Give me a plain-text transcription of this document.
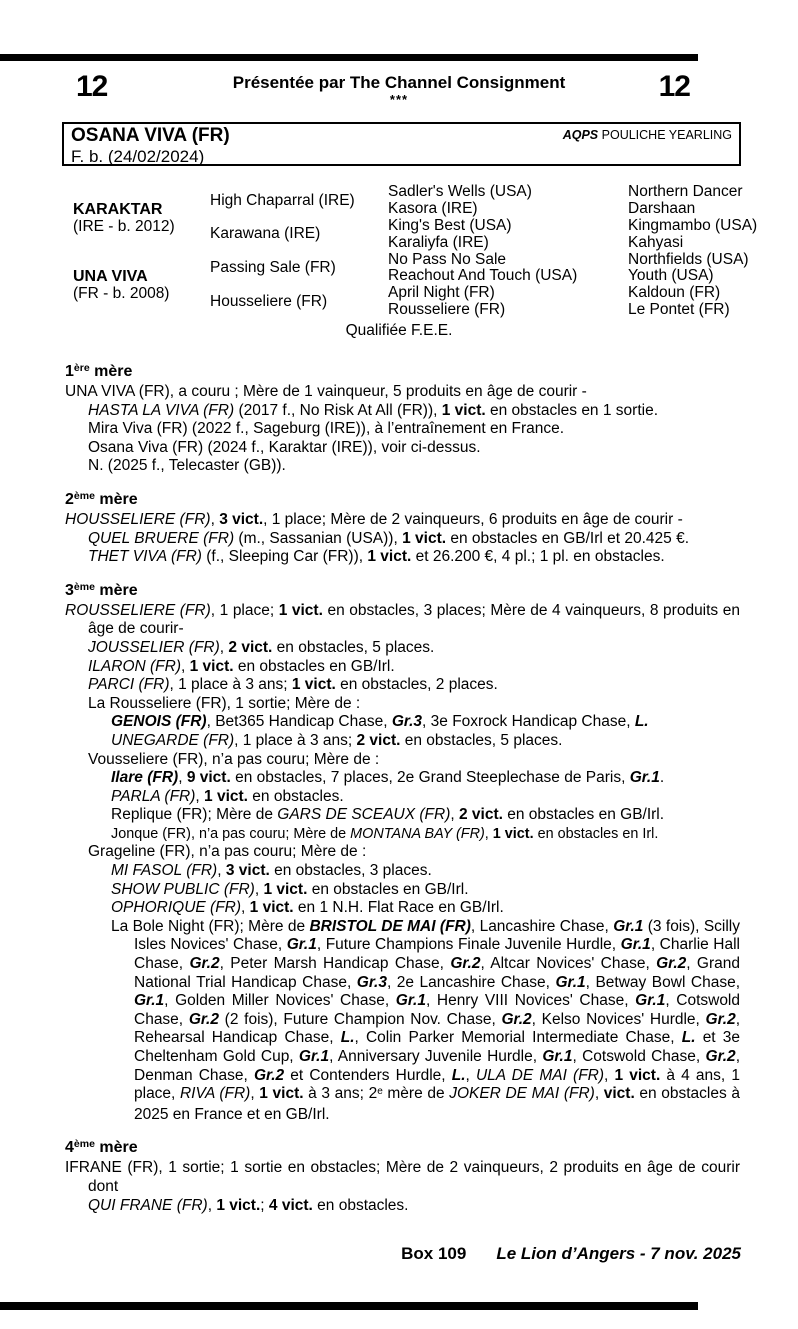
12	Présentée par The Channel Consignment
***	12
OSANA VIVA (FR)
F. b. (24/02/2024)
AQPS POULICHE YEARLING
KARAKTAR
(IRE - b. 2012)
UNA VIVA
(FR - b. 2008)
High Chaparral (IRE)
Karawana (IRE)
Passing Sale (FR)
Housseliere (FR)
Sadler's Wells (USA)
Kasora (IRE)
King's Best (USA)
Karaliyfa (IRE)
No Pass No Sale
Reachout And Touch (USA)
April Night (FR)
Rousseliere (FR)
Northern Dancer
Darshaan
Kingmambo (USA)
Kahyasi
Northfields (USA)
Youth (USA)
Kaldoun (FR)
Le Pontet (FR)
Qualifiée F.E.E.
1ère mère

UNA VIVA (FR), a couru ; Mère de 1 vainqueur, 5 produits en âge de courir -

HASTA LA VIVA (FR) (2017 f., No Risk At All (FR)), 1 vict. en obstacles en 1 sortie.

Mira Viva (FR) (2022 f., Sageburg (IRE)), à l’entraînement en France.

Osana Viva (FR) (2024 f., Karaktar (IRE)), voir ci-dessus.

N. (2025 f., Telecaster (GB)).

2ème mère

HOUSSELIERE (FR), 3 vict., 1 place; Mère de 2 vainqueurs, 6 produits en âge de courir -

QUEL BRUERE (FR) (m., Sassanian (USA)), 1 vict. en obstacles en GB/Irl et 20.425 €.

THET VIVA (FR) (f., Sleeping Car (FR)), 1 vict. et 26.200 €, 4 pl.; 1 pl. en obstacles.

3ème mère

ROUSSELIERE (FR), 1 place; 1 vict. en obstacles, 3 places; Mère de 4 vainqueurs, 8 produits en âge de courir-

JOUSSELIER (FR), 2 vict. en obstacles, 5 places.

ILARON (FR), 1 vict. en obstacles en GB/Irl.

PARCI (FR), 1 place à 3 ans; 1 vict. en obstacles, 2 places.

La Rousseliere (FR), 1 sortie; Mère de :

GENOIS (FR), Bet365 Handicap Chase, Gr.3, 3e Foxrock Handicap Chase, L.

UNEGARDE (FR), 1 place à 3 ans; 2 vict. en obstacles, 5 places.

Vousseliere (FR), n’a pas couru; Mère de :

Ilare (FR), 9 vict. en obstacles, 7 places, 2e Grand Steeplechase de Paris, Gr.1.

PARLA (FR), 1 vict. en obstacles.

Replique (FR); Mère de GARS DE SCEAUX (FR), 2 vict. en obstacles en GB/Irl.

Jonque (FR), n’a pas couru; Mère de MONTANA BAY (FR), 1 vict. en obstacles en Irl.

Grageline (FR), n’a pas couru; Mère de :

MI FASOL (FR), 3 vict. en obstacles, 3 places.

SHOW PUBLIC (FR), 1 vict. en obstacles en GB/Irl.

OPHORIQUE (FR), 1 vict. en 1 N.H. Flat Race en GB/Irl.

La Bole Night (FR); Mère de BRISTOL DE MAI (FR), Lancashire Chase, Gr.1 (3 fois), Scilly Isles Novices' Chase, Gr.1, Future Champions Finale Juvenile Hurdle, Gr.1, Charlie Hall Chase, Gr.2, Peter Marsh Handicap Chase, Gr.2, Altcar Novices' Chase, Gr.2, Grand National Trial Handicap Chase, Gr.3, 2e Lancashire Chase, Gr.1, Betway Bowl Chase, Gr.1, Golden Miller Novices' Chase, Gr.1, Henry VIII Novices' Chase, Gr.1, Cotswold Chase, Gr.2 (2 fois), Future Champion Nov. Chase, Gr.2, Kelso Novices' Hurdle, Gr.2, Rehearsal Handicap Chase, L., Colin Parker Memorial Intermediate Chase, L. et 3e Cheltenham Gold Cup, Gr.1, Anniversary Juvenile Hurdle, Gr.1, Cotswold Chase, Gr.2, Denman Chase, Gr.2 et Contenders Hurdle, L., ULA DE MAI (FR), 1 vict. à 4 ans, 1 place, RIVA (FR), 1 vict. à 3 ans; 2e mère de JOKER DE MAI (FR), vict. en obstacles à 2025 en France et en GB/Irl.

4ème mère

IFRANE (FR), 1 sortie; 1 sortie en obstacles; Mère de 2 vainqueurs, 2 produits en âge de courir dont

QUI FRANE (FR), 1 vict.; 4 vict. en obstacles.

Box 109 Le Lion d’Angers - 7 nov. 2025
